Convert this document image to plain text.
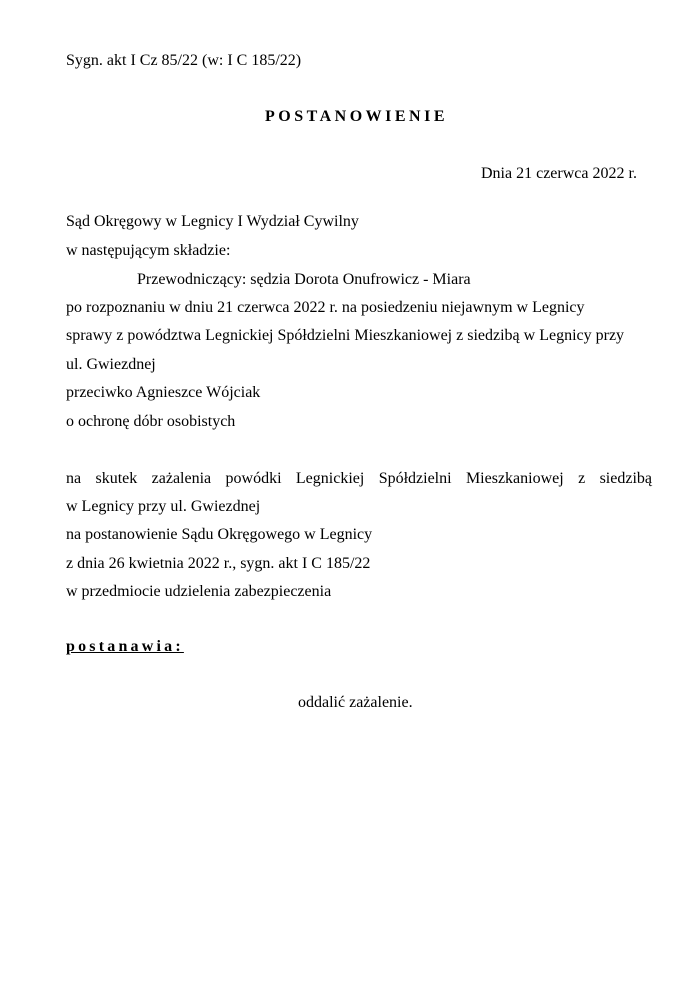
Sygn. akt I Cz 85/22 (w: I C 185/22)
POSTANOWIENIE
Dnia 21 czerwca 2022 r.
Sąd Okręgowy w Legnicy I Wydział Cywilny
w następującym składzie:
Przewodniczący: sędzia Dorota Onufrowicz - Miara
po rozpoznaniu w dniu 21 czerwca 2022 r. na posiedzeniu niejawnym w Legnicy
sprawy z powództwa Legnickiej Spółdzielni Mieszkaniowej z siedzibą w Legnicy przy
ul. Gwiezdnej
przeciwko Agnieszce Wójciak
o ochronę dóbr osobistych
na skutek zażalenia powódki Legnickiej Spółdzielni Mieszkaniowej z siedzibą
w Legnicy przy ul. Gwiezdnej
na postanowienie Sądu Okręgowego w Legnicy
z dnia 26 kwietnia 2022 r., sygn. akt I C 185/22
w przedmiocie udzielenia zabezpieczenia
postanawia:
oddalić zażalenie.
